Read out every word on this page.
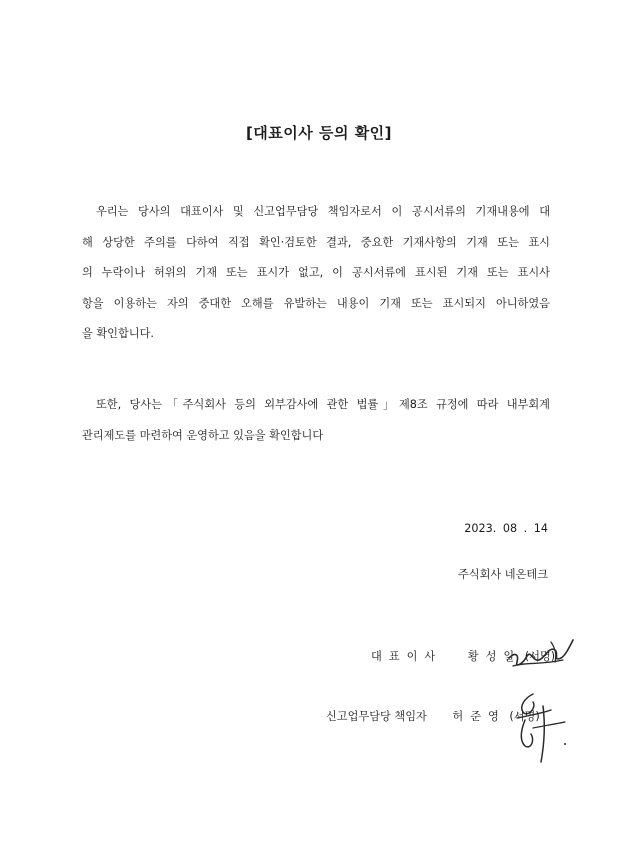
[대표이사 등의 확인]
우리는 당사의 대표이사 및 신고업무담당 책임자로서 이 공시서류의 기재내용에 대
해 상당한 주의를 다하여 직접 확인·검토한 결과, 중요한 기재사항의 기재 또는 표시
의 누락이나 허위의 기재 또는 표시가 없고, 이 공시서류에 표시된 기재 또는 표시사
항을 이용하는 자의 중대한 오해를 유발하는 내용이 기재 또는 표시되지 아니하였음
을 확인합니다.
또한, 당사는「주식회사 등의 외부감사에 관한 법률」제8조 규정에 따라 내부회계
관리제도를 마련하여 운영하고 있음을 확인합니다
2023. 08 . 14
주식회사 네온테크
대표이사 황성일 (서명)
신고업무담당 책임자 허준영 (서명)
